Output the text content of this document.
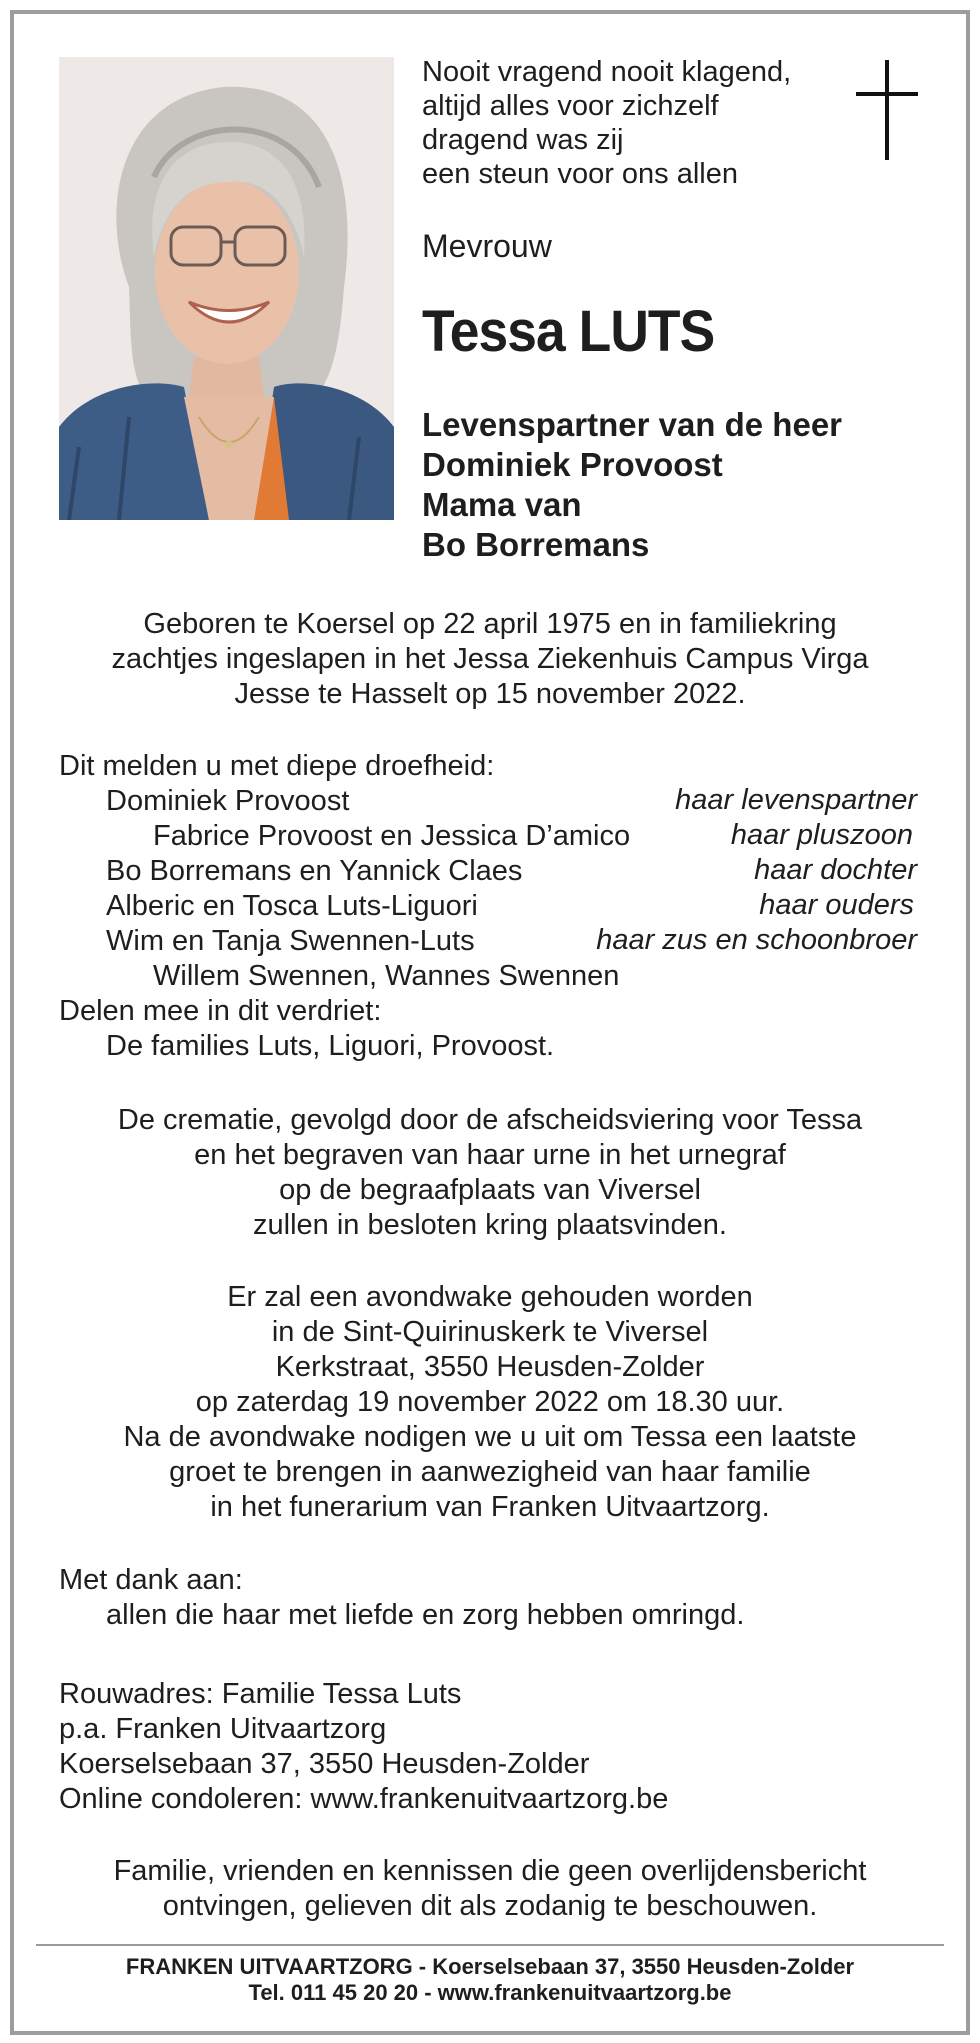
Nooit vragend nooit klagend,
altijd alles voor zichzelf
dragend was zij
een steun voor ons allen
Mevrouw
Tessa LUTS
Levenspartner van de heer
Dominiek Provoost
Mama van
Bo Borremans
Geboren te Koersel op 22 april 1975 en in familiekring
zachtjes ingeslapen in het Jessa Ziekenhuis Campus Virga
Jesse te Hasselt op 15 november 2022.
Dit melden u met diepe droefheid:
Dominiek Provoost	haar levenspartner
Fabrice Provoost en Jessica D’amico	haar pluszoon
Bo Borremans en Yannick Claes	haar dochter
Alberic en Tosca Luts-Liguori	haar ouders
Wim en Tanja Swennen-Luts	haar zus en schoonbroer
Willem Swennen, Wannes Swennen
Delen mee in dit verdriet:
De families Luts, Liguori, Provoost.
De crematie, gevolgd door de afscheidsviering voor Tessa
en het begraven van haar urne in het urnegraf
op de begraafplaats van Viversel
zullen in besloten kring plaatsvinden.
Er zal een avondwake gehouden worden
in de Sint-Quirinuskerk te Viversel
Kerkstraat, 3550 Heusden-Zolder
op zaterdag 19 november 2022 om 18.30 uur.
Na de avondwake nodigen we u uit om Tessa een laatste
groet te brengen in aanwezigheid van haar familie
in het funerarium van Franken Uitvaartzorg.
Met dank aan:
allen die haar met liefde en zorg hebben omringd.
Rouwadres: Familie Tessa Luts
p.a. Franken Uitvaartzorg
Koerselsebaan 37, 3550 Heusden-Zolder
Online condoleren: www.frankenuitvaartzorg.be
Familie, vrienden en kennissen die geen overlijdensbericht
ontvingen, gelieven dit als zodanig te beschouwen.
FRANKEN UITVAARTZORG - Koerselsebaan 37, 3550 Heusden-Zolder
Tel. 011 45 20 20 - www.frankenuitvaartzorg.be
